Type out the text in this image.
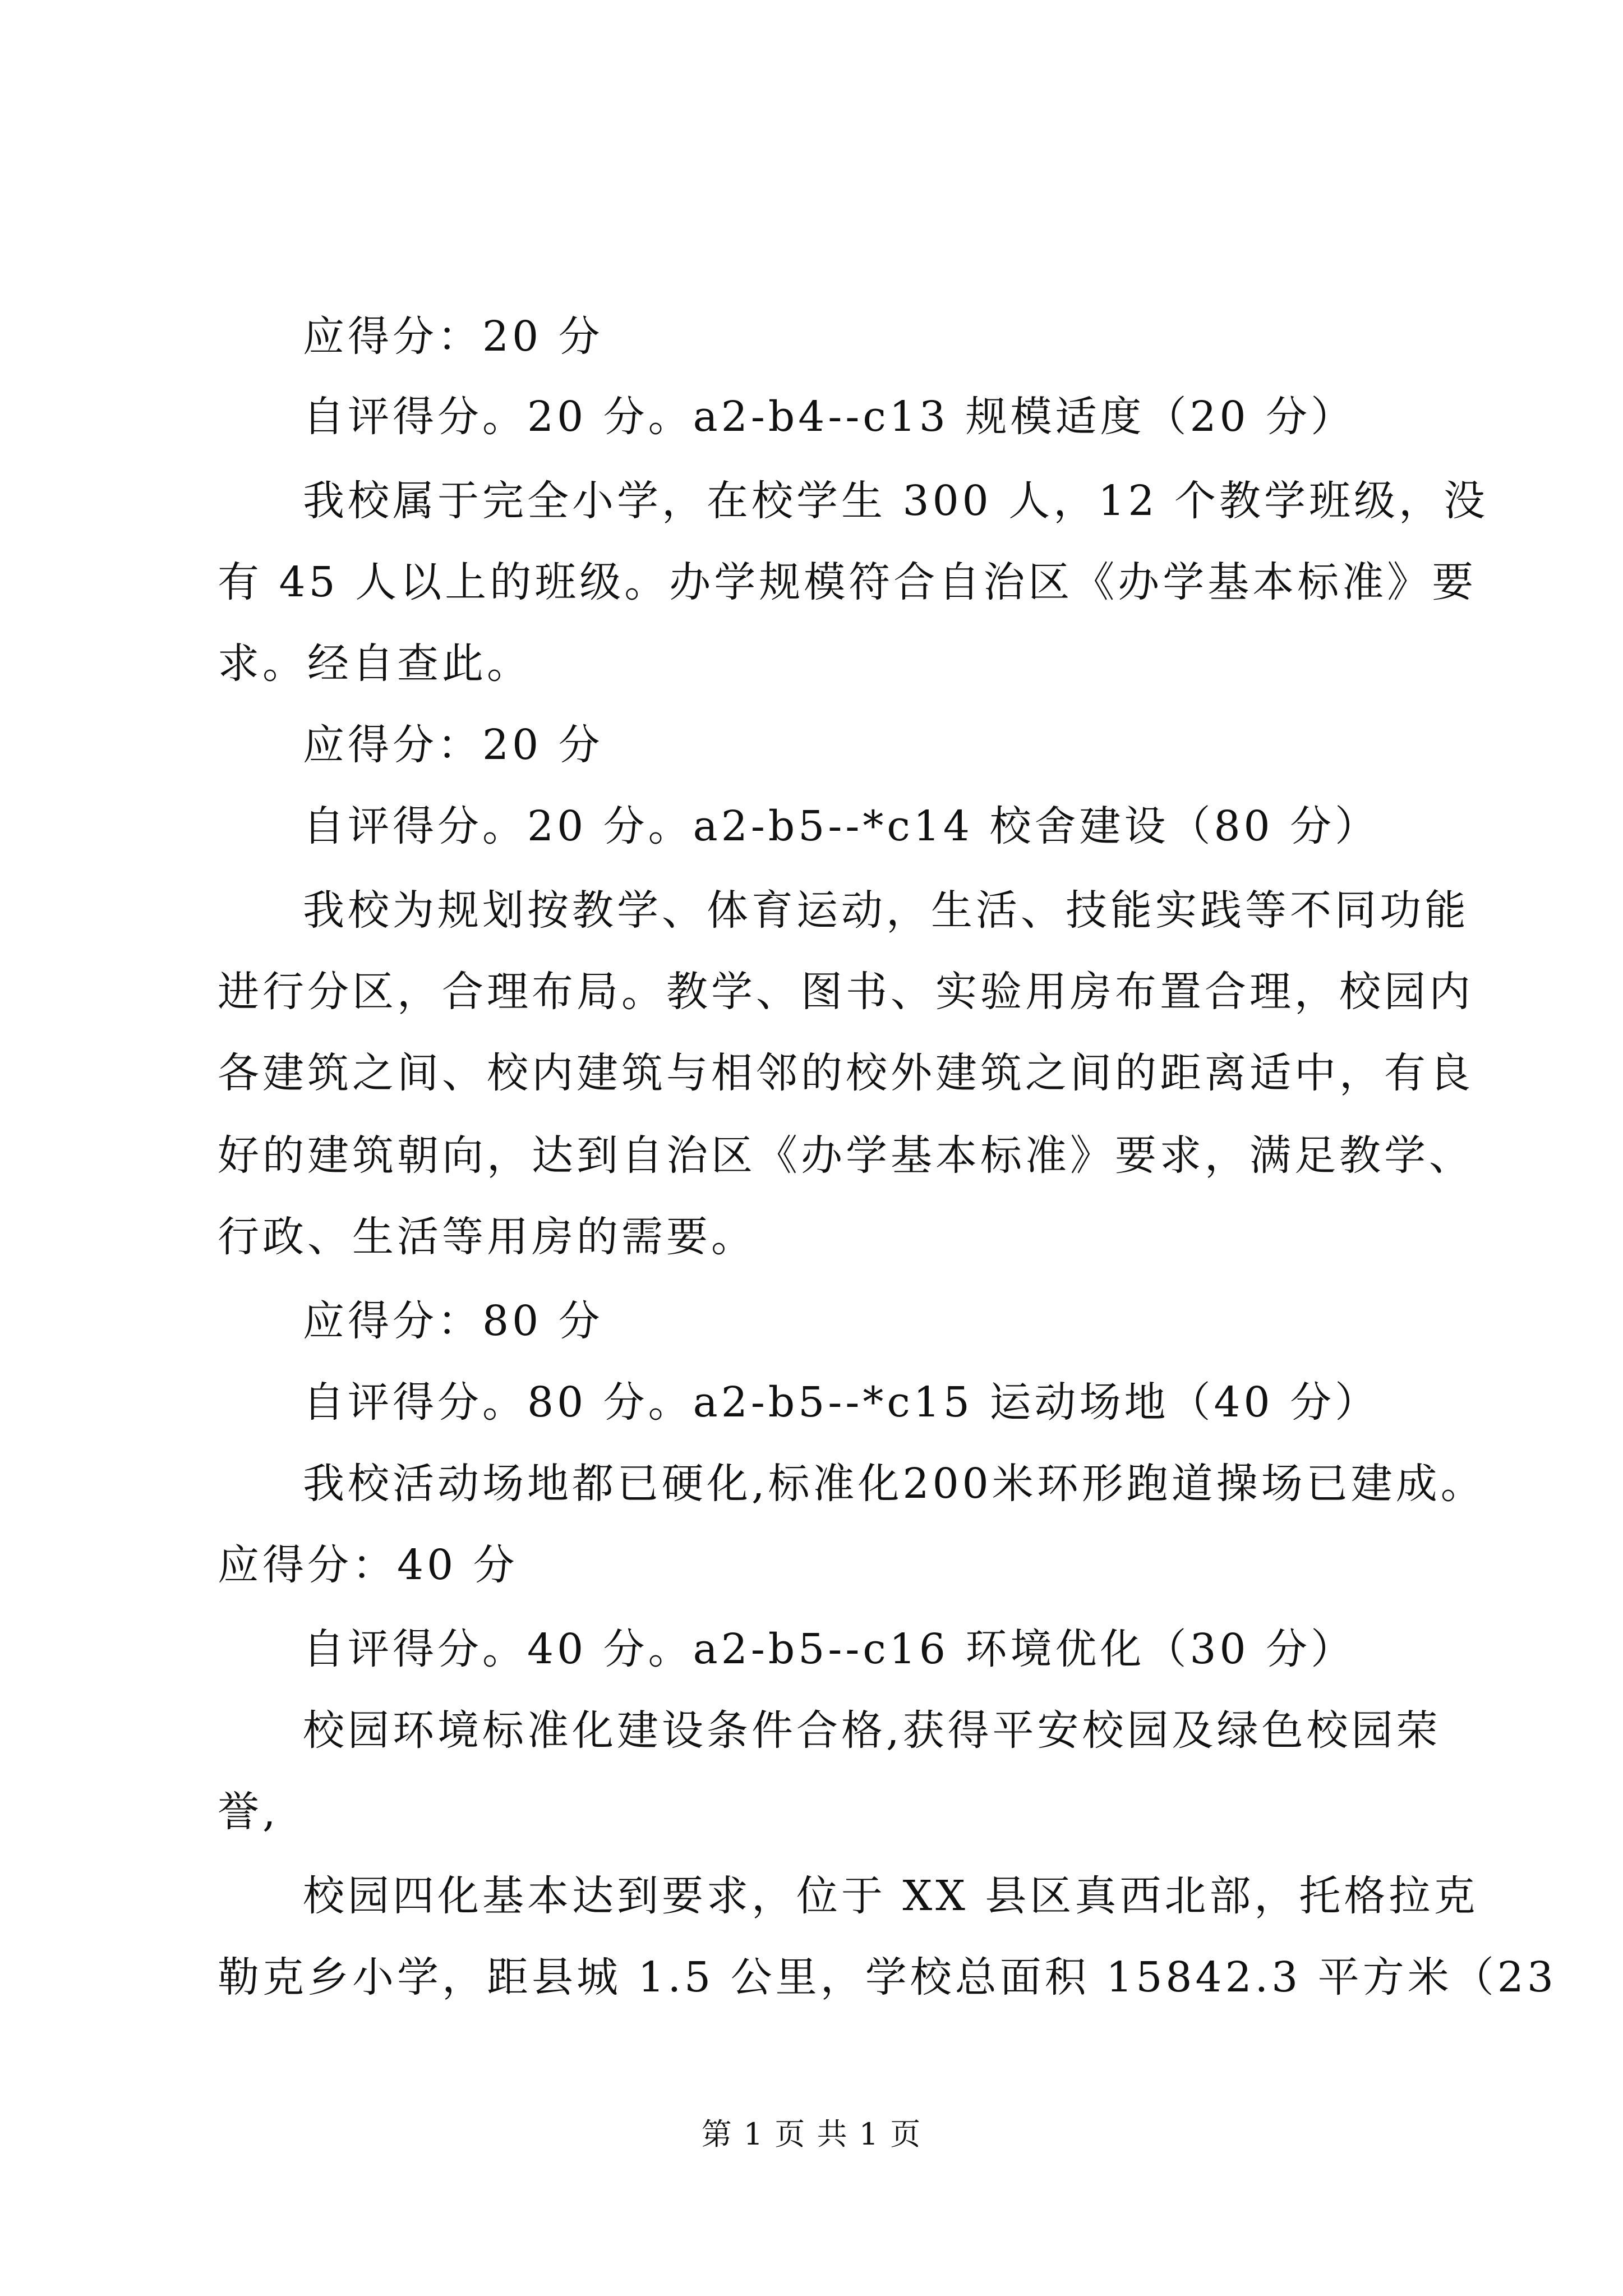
应得分：20 分
自评得分。20 分。a2-b4--c13 规模适度（20 分）
我校属于完全小学，在校学生 300 人，12 个教学班级，没
有 45 人以上的班级。办学规模符合自治区《办学基本标准》要
求。经自查此。
应得分：20 分
自评得分。20 分。a2-b5--*c14 校舍建设（80 分）
我校为规划按教学、体育运动，生活、技能实践等不同功能
进行分区，合理布局。教学、图书、实验用房布置合理，校园内
各建筑之间、校内建筑与相邻的校外建筑之间的距离适中，有良
好的建筑朝向，达到自治区《办学基本标准》要求，满足教学、
行政、生活等用房的需要。
应得分：80 分
自评得分。80 分。a2-b5--*c15 运动场地（40 分）
我校活动场地都已硬化,标准化200米环形跑道操场已建成。
应得分：40 分
自评得分。40 分。a2-b5--c16 环境优化（30 分）
校园环境标准化建设条件合格,获得平安校园及绿色校园荣
誉,
校园四化基本达到要求，位于 XX 县区真西北部，托格拉克
勒克乡小学，距县城 1.5 公里，学校总面积 15842.3 平方米（23
第 1 页 共 1 页
